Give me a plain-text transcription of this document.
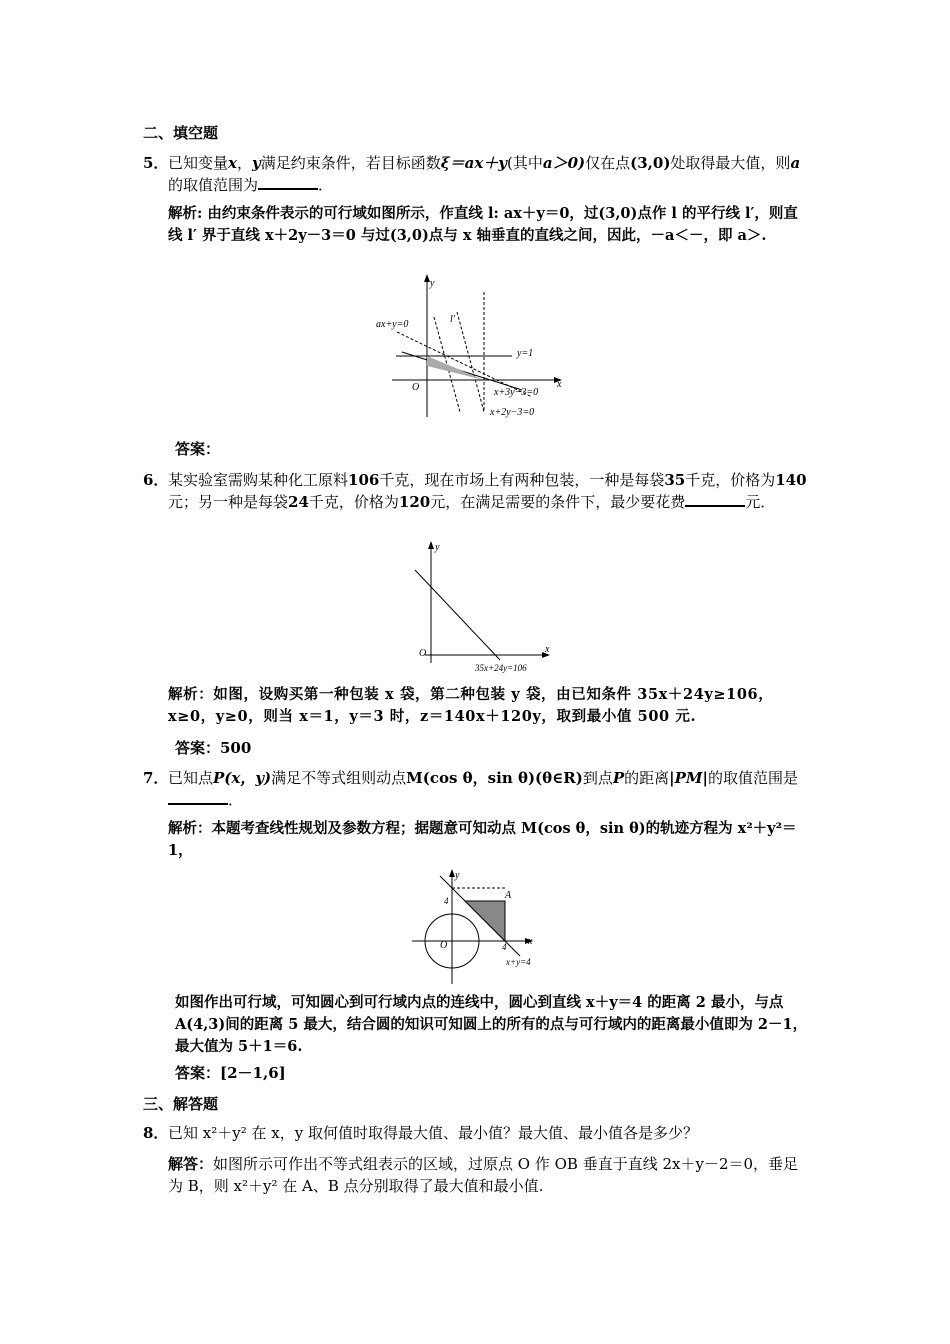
二、填空题
5． 已知变量x，y满足约束条件，若目标函数ξ＝ax＋y(其中a＞0)仅在点(3,0)处取得最大值，则a的取值范围为	．
解析: 由约束条件表示的可行域如图所示，作直线 l: ax＋y＝0，过(3,0)点作 l 的平行线 l′，则直线 l′ 界于直线 x＋2y－3＝0 与过(3,0)点与 x 轴垂直的直线之间，因此，－a＜－，即 a＞.
x
y
O
ax+y=0	l′
y=1
x+3y−3=0
x+2y−3=0
答案：
6． 某实验室需购某种化工原料106千克，现在市场上有两种包装，一种是每袋35千克，价格为140元；另一种是每袋24千克，价格为120元，在满足需要的条件下，最少要花费	元．
x
y
O
35x+24y=106
解析：如图，设购买第一种包装 x 袋，第二种包装 y 袋，由已知条件 35x＋24y≥106，x≥0，y≥0，则当 x＝1，y＝3 时，z＝140x＋120y，取到最小值 500 元.
答案：500
7． 已知点P(x，y)满足不等式组则动点M(cos θ，sin θ)(θ∈R)到点P的距离|PM|的取值范围是．
解析：本题考查线性规划及参数方程；据题意可知动点 M(cos θ，sin θ)的轨迹方程为 x²＋y²＝1，
x
y
O
A
4
4
x+y=4
如图作出可行域，可知圆心到可行域内点的连线中，圆心到直线 x＋y＝4 的距离 2 最小，与点 A(4,3)间的距离 5 最大，结合圆的知识可知圆上的所有的点与可行域内的距离最小值即为 2－1，最大值为 5＋1＝6.
答案：[2－1,6]
三、解答题
8． 已知 x²＋y² 在 x，y 取何值时取得最大值、最小值？最大值、最小值各是多少？
解答：如图所示可作出不等式组表示的区域，过原点 O 作 OB 垂直于直线 2x＋y－2＝0，垂足为 B，则 x²＋y² 在 A、B 点分别取得了最大值和最小值.
